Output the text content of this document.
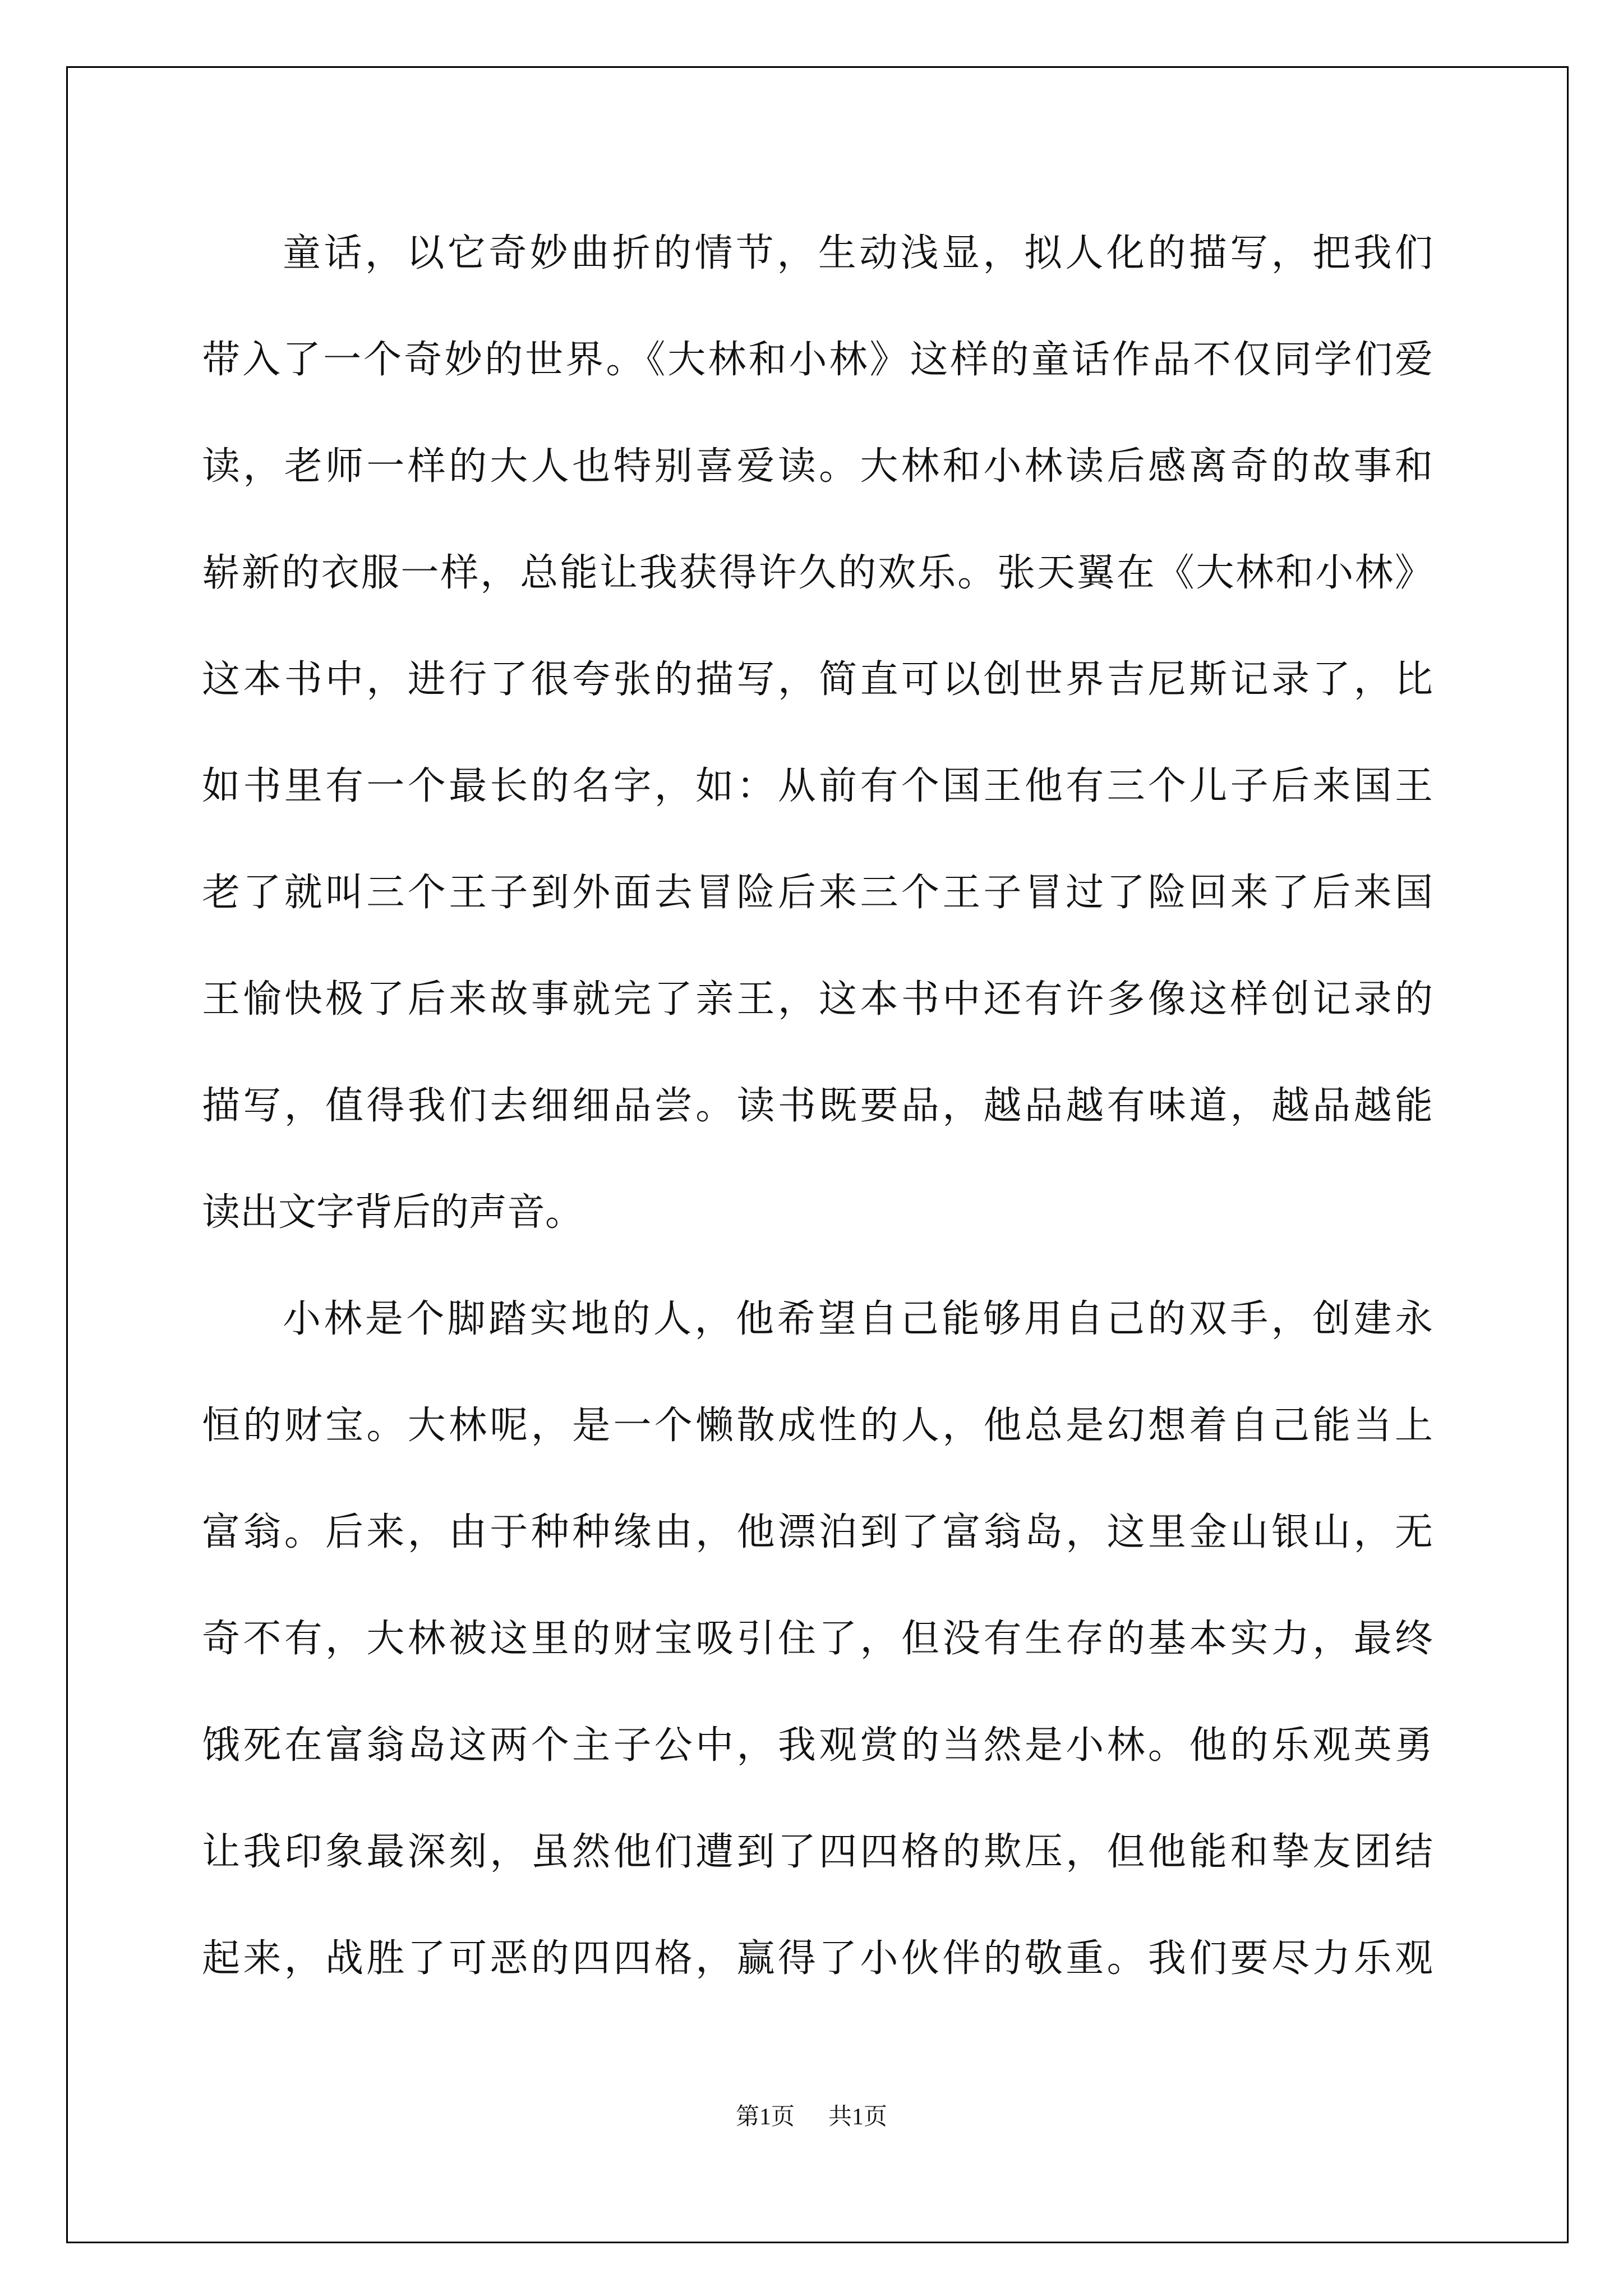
童话，以它奇妙曲折的情节，生动浅显，拟人化的描写，把我们
带入了一个奇妙的世界。《大林和小林》这样的童话作品不仅同学们爱
读，老师一样的大人也特别喜爱读。大林和小林读后感离奇的故事和
崭新的衣服一样，总能让我获得许久的欢乐。张天翼在《大林和小林》
这本书中，进行了很夸张的描写，简直可以创世界吉尼斯记录了，比
如书里有一个最长的名字，如：从前有个国王他有三个儿子后来国王
老了就叫三个王子到外面去冒险后来三个王子冒过了险回来了后来国
王愉快极了后来故事就完了亲王，这本书中还有许多像这样创记录的
描写，值得我们去细细品尝。读书既要品，越品越有味道，越品越能
读出文字背后的声音。
小林是个脚踏实地的人，他希望自己能够用自己的双手，创建永
恒的财宝。大林呢，是一个懒散成性的人，他总是幻想着自己能当上
富翁。后来，由于种种缘由，他漂泊到了富翁岛，这里金山银山，无
奇不有，大林被这里的财宝吸引住了，但没有生存的基本实力，最终
饿死在富翁岛这两个主子公中，我观赏的当然是小林。他的乐观英勇
让我印象最深刻，虽然他们遭到了四四格的欺压，但他能和挚友团结
起来，战胜了可恶的四四格，赢得了小伙伴的敬重。我们要尽力乐观
第1页 共1页
